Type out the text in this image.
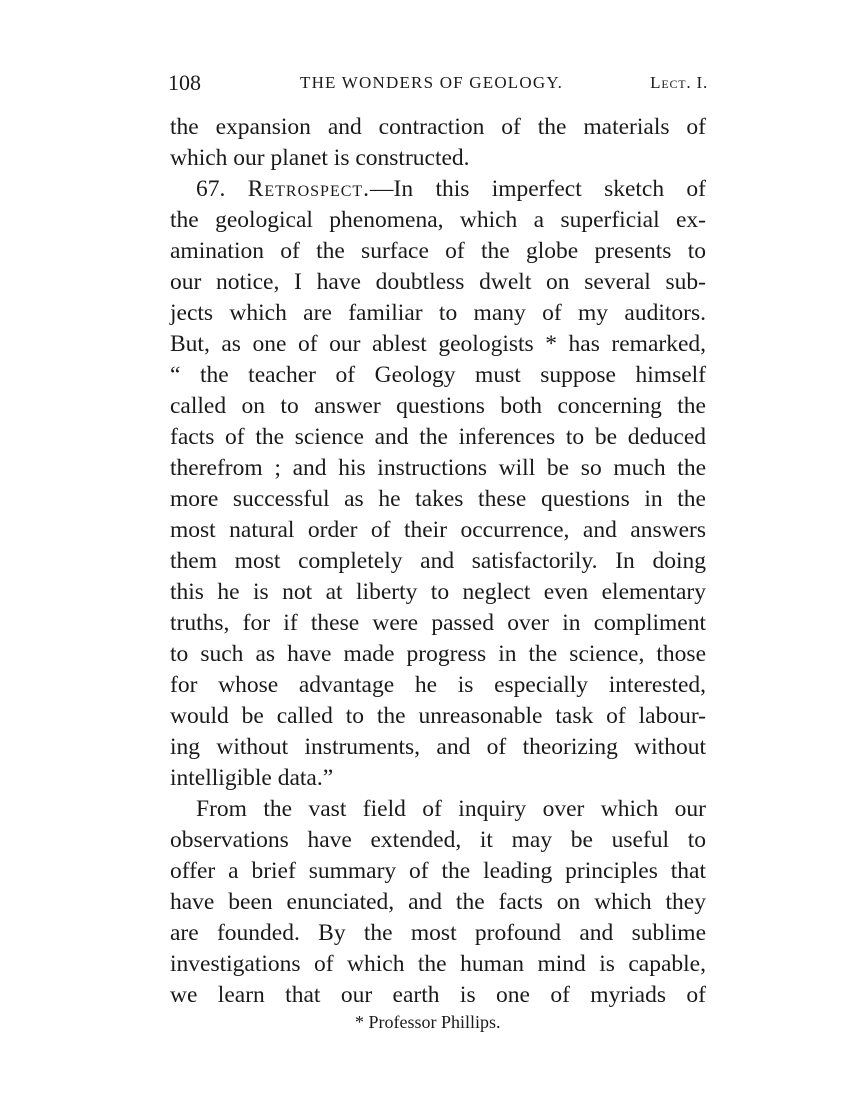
108	THE WONDERS OF GEOLOGY.	Lect. I.
the expansion and contraction of the materials of
which our planet is constructed.
67. Retrospect.—In this imperfect sketch of
the geological phenomena, which a superficial ex-
amination of the surface of the globe presents to
our notice, I have doubtless dwelt on several sub-
jects which are familiar to many of my auditors.
But, as one of our ablest geologists * has remarked,
“ the teacher of Geology must suppose himself
called on to answer questions both concerning the
facts of the science and the inferences to be deduced
therefrom ; and his instructions will be so much the
more successful as he takes these questions in the
most natural order of their occurrence, and answers
them most completely and satisfactorily. In doing
this he is not at liberty to neglect even elementary
truths, for if these were passed over in compliment
to such as have made progress in the science, those
for whose advantage he is especially interested,
would be called to the unreasonable task of labour-
ing without instruments, and of theorizing without
intelligible data.”
From the vast field of inquiry over which our
observations have extended, it may be useful to
offer a brief summary of the leading principles that
have been enunciated, and the facts on which they
are founded. By the most profound and sublime
investigations of which the human mind is capable,
we learn that our earth is one of myriads of
* Professor Phillips.
